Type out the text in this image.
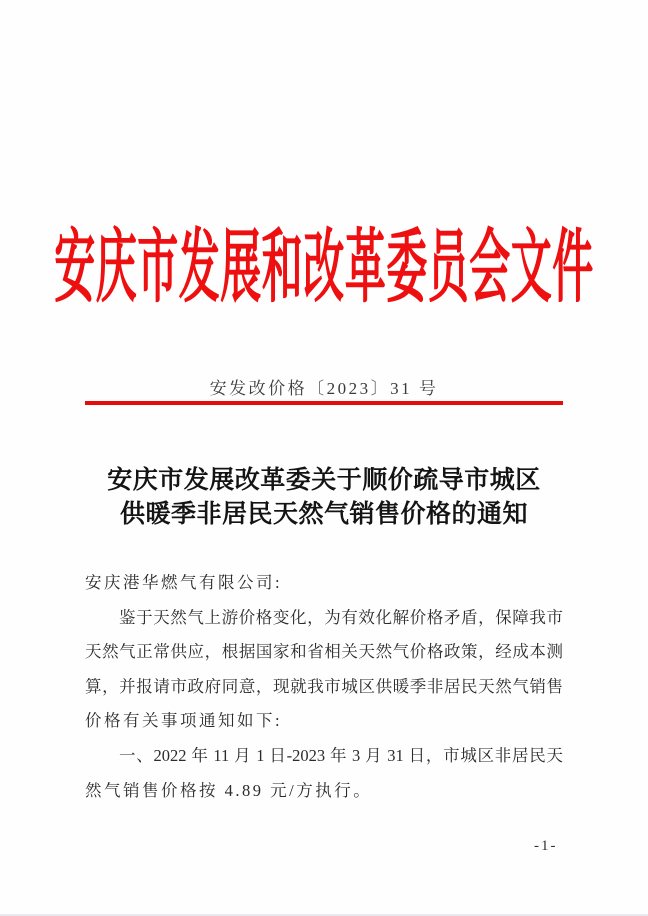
安庆市发展和改革委员会文件
安发改价格〔2023〕31 号
安庆市发展改革委关于顺价疏导市城区
供暖季非居民天然气销售价格的通知
安庆港华燃气有限公司:
鉴于天然气上游价格变化，为有效化解价格矛盾，保障我市
天然气正常供应，根据国家和省相关天然气价格政策，经成本测
算，并报请市政府同意，现就我市城区供暖季非居民天然气销售
价格有关事项通知如下:
一、2022 年 11 月 1 日-2023 年 3 月 31 日，市城区非居民天
然气销售价格按 4.89 元/方执行。
-1-
